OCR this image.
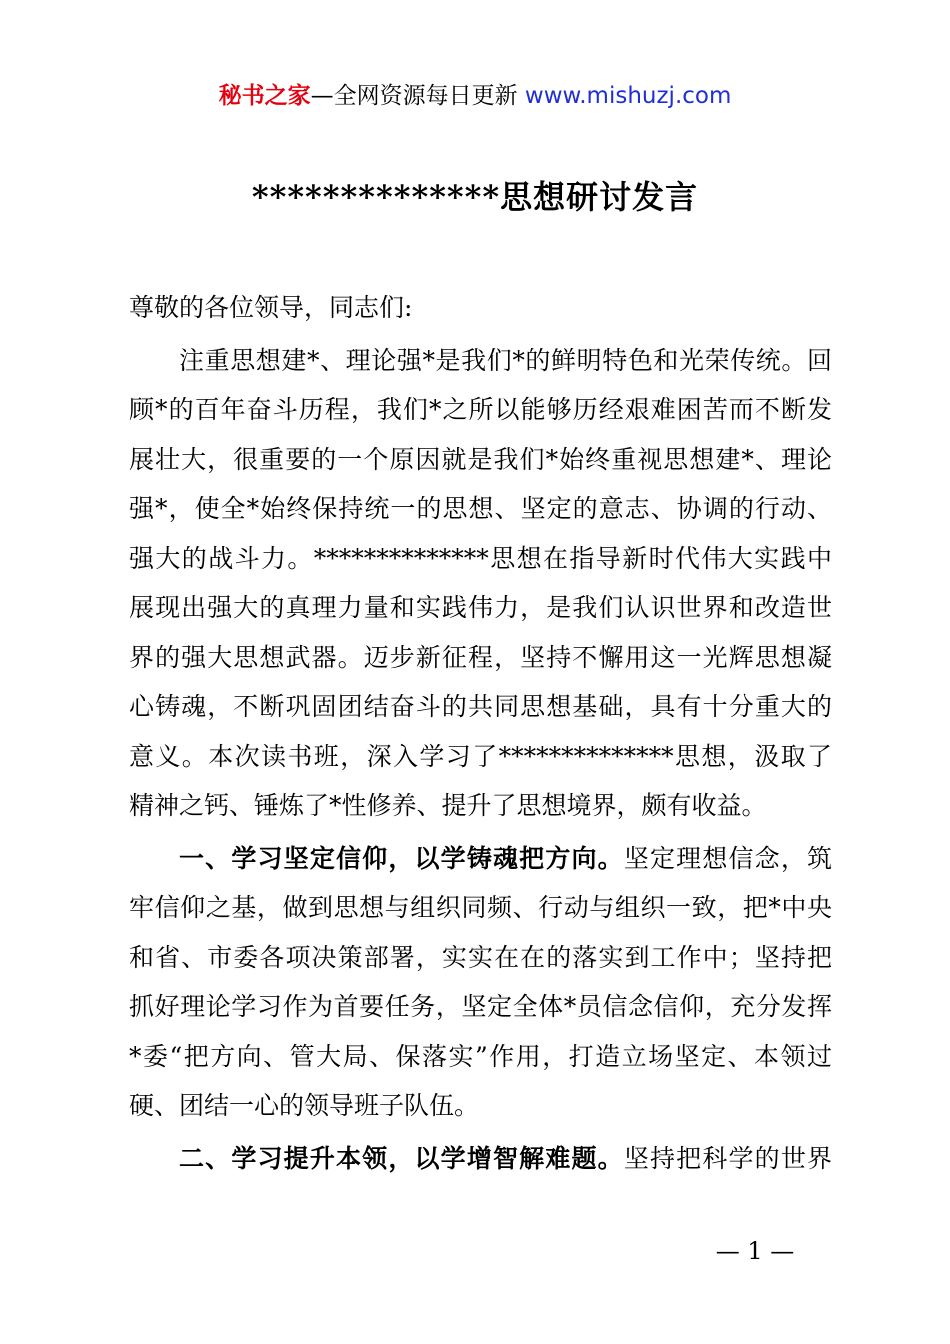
秘书之家—全网资源每日更新 www.mishuzj.com
**************思想研讨发言
尊敬的各位领导，同志们:
注重思想建*、理论强*是我们*的鲜明特色和光荣传统。回
顾*的百年奋斗历程，我们*之所以能够历经艰难困苦而不断发
展壮大，很重要的一个原因就是我们*始终重视思想建*、理论
强*，使全*始终保持统一的思想、坚定的意志、协调的行动、
强大的战斗力。**************思想在指导新时代伟大实践中
展现出强大的真理力量和实践伟力，是我们认识世界和改造世
界的强大思想武器。迈步新征程，坚持不懈用这一光辉思想凝
心铸魂，不断巩固团结奋斗的共同思想基础，具有十分重大的
意义。本次读书班，深入学习了**************思想，汲取了
精神之钙、锤炼了*性修养、提升了思想境界，颇有收益。
一、学习坚定信仰，以学铸魂把方向。坚定理想信念，筑
牢信仰之基，做到思想与组织同频、行动与组织一致，把*中央
和省、市委各项决策部署，实实在在的落实到工作中；坚持把
抓好理论学习作为首要任务，坚定全体*员信念信仰，充分发挥
*委“把方向、管大局、保落实”作用，打造立场坚定、本领过
硬、团结一心的领导班子队伍。
二、学习提升本领，以学增智解难题。坚持把科学的世界
— 1 —
